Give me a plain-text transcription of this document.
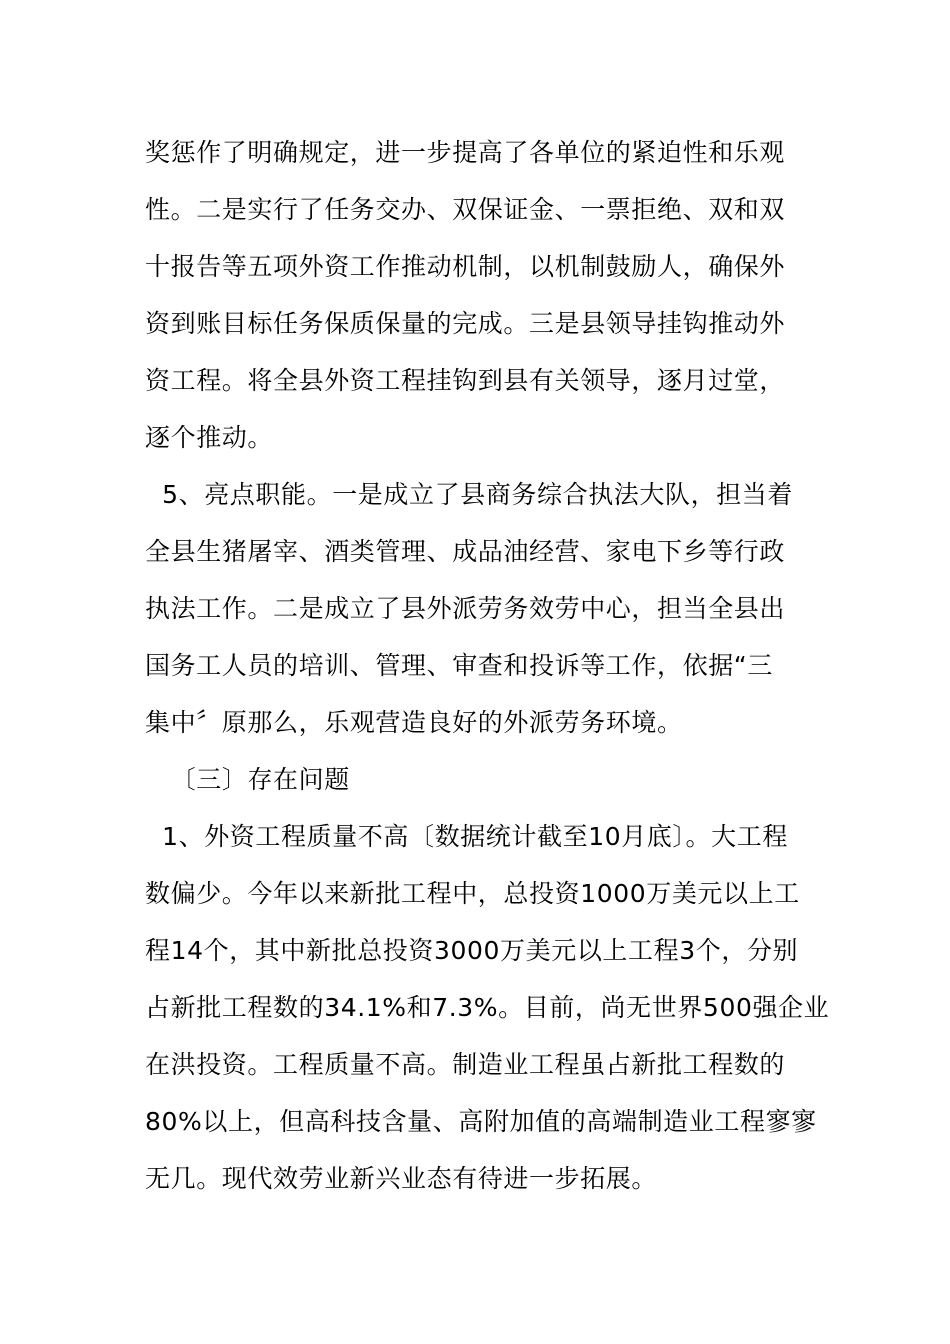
奖惩作了明确规定，进一步提高了各单位的紧迫性和乐观
性。二是实行了任务交办、双保证金、一票拒绝、双和双
十报告等五项外资工作推动机制，以机制鼓励人，确保外
资到账目标任务保质保量的完成。三是县领导挂钩推动外
资工程。将全县外资工程挂钩到县有关领导，逐月过堂，
逐个推动。
5、亮点职能。一是成立了县商务综合执法大队，担当着
全县生猪屠宰、酒类管理、成品油经营、家电下乡等行政
执法工作。二是成立了县外派劳务效劳中心，担当全县出
国务工人员的培训、管理、审查和投诉等工作，依据“三
集中〞原那么，乐观营造良好的外派劳务环境。
〔三〕存在问题
1、外资工程质量不高〔数据统计截至10月底〕。大工程
数偏少。今年以来新批工程中，总投资1000万美元以上工
程14个，其中新批总投资3000万美元以上工程3个，分别
占新批工程数的34.1%和7.3%。目前，尚无世界500强企业
在洪投资。工程质量不高。制造业工程虽占新批工程数的
80%以上，但高科技含量、高附加值的高端制造业工程寥寥
无几。现代效劳业新兴业态有待进一步拓展。
